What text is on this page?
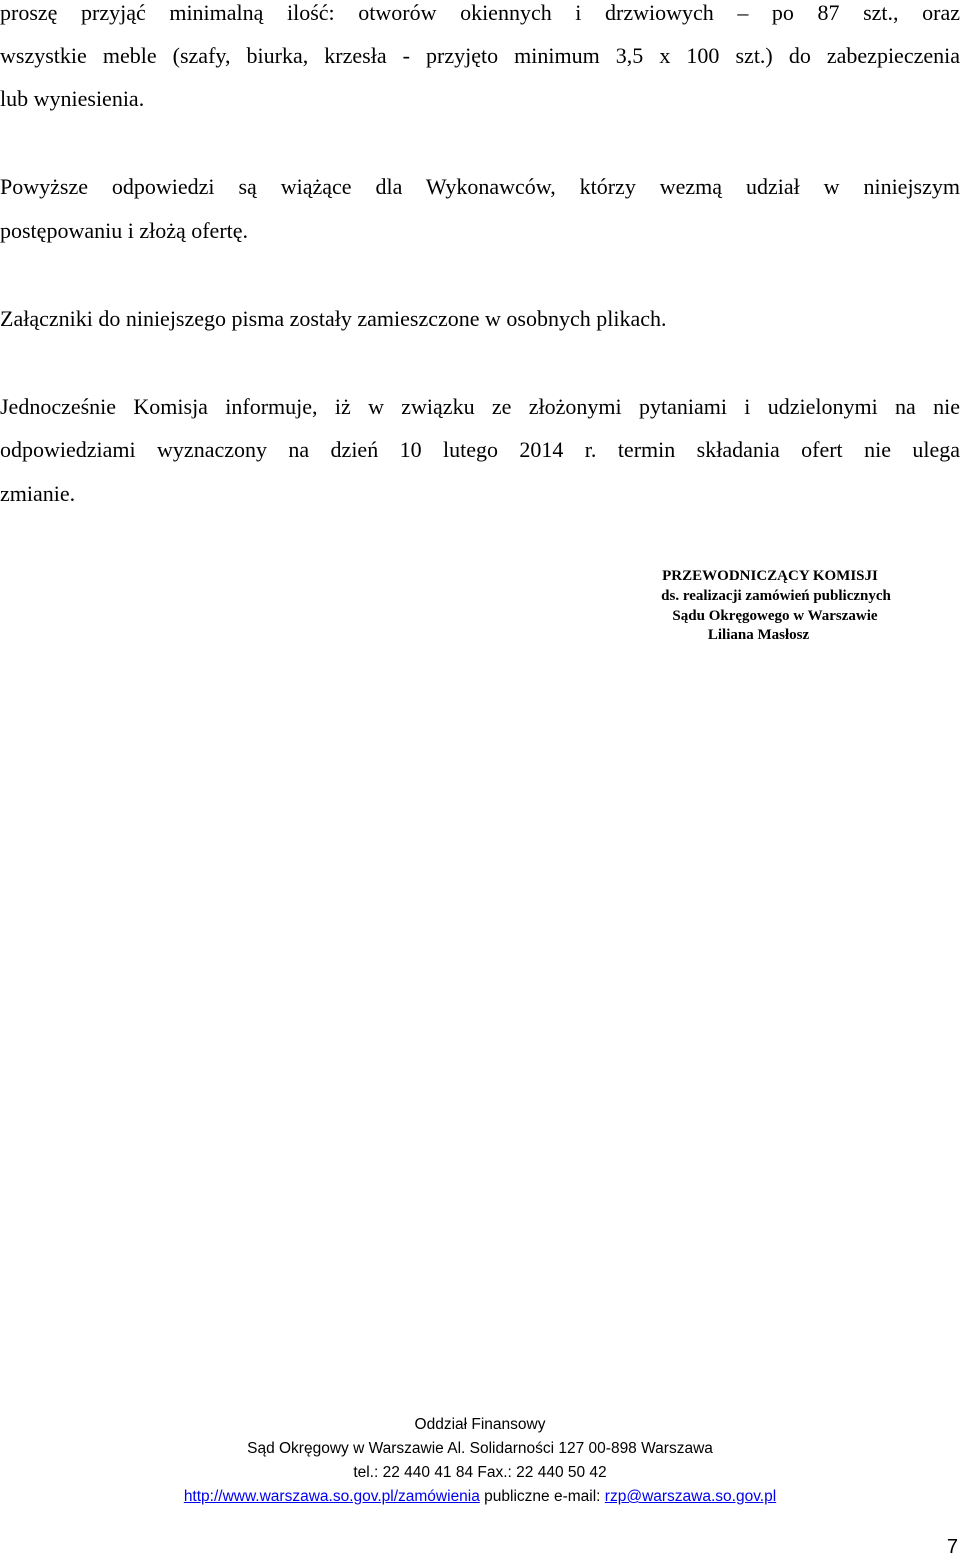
proszę przyjąć minimalną ilość: otworów okiennych i drzwiowych – po 87 szt., oraz
wszystkie meble (szafy, biurka, krzesła - przyjęto minimum 3,5 x 100 szt.) do zabezpieczenia
lub wyniesienia.
Powyższe odpowiedzi są wiążące dla Wykonawców, którzy wezmą udział w niniejszym
postępowaniu i złożą ofertę.
Załączniki do niniejszego pisma zostały zamieszczone w osobnych plikach.
Jednocześnie Komisja informuje, iż w związku ze złożonymi pytaniami i udzielonymi na nie
odpowiedziami wyznaczony na dzień 10 lutego 2014 r. termin składania ofert nie ulega
zmianie.
PRZEWODNICZĄCY KOMISJI
ds. realizacji zamówień publicznych
Sądu Okręgowego w Warszawie
Liliana Masłosz
Oddział Finansowy
Sąd Okręgowy w Warszawie Al. Solidarności 127 00-898 Warszawa
tel.: 22 440 41 84 Fax.: 22 440 50 42
http://www.warszawa.so.gov.pl/zamówienia publiczne e-mail: rzp@warszawa.so.gov.pl
7
